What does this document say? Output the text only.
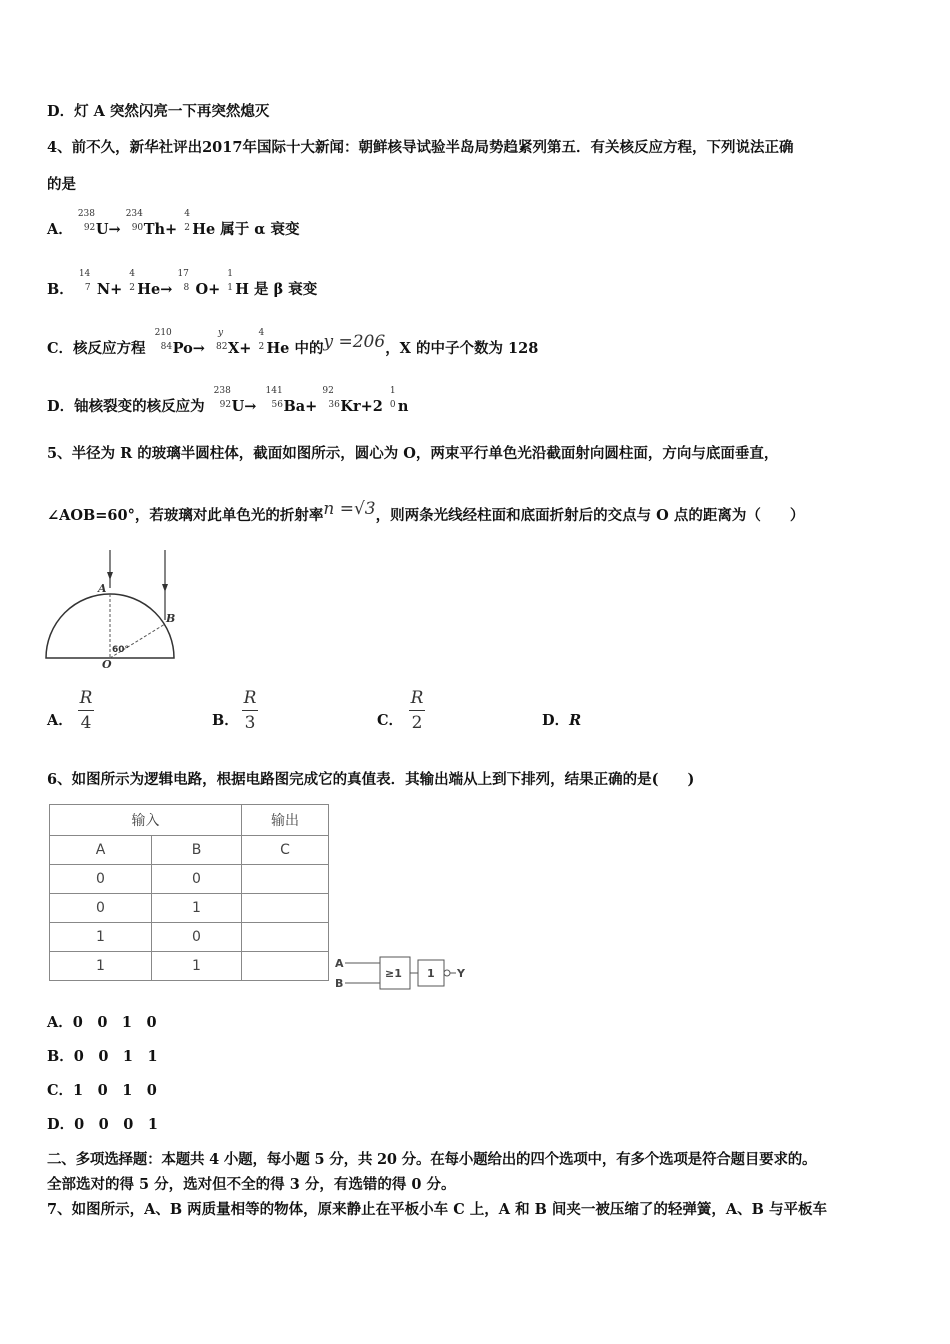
D．灯 A 突然闪亮一下再突然熄灭
4、前不久，新华社评出2017年国际十大新闻：朝鲜核导试验半岛局势趋紧列第五．有关核反应方程，下列说法正确
的是
A．
238
92 U→
234
90 Th+
4
2 He 属于 α 衰变
B．
14
7 N+
4
2 He→
17
8 O+
1
1 H 是 β 衰变
C．核反应方程
210
84 Po→
y
82 X+
4
2 He 中的y =206，X 的中子个数为 128
D．铀核裂变的核反应为
238
92 U→
141
56 Ba+
92
36 Kr+2
1
0 n
5、半径为 R 的玻璃半圆柱体，截面如图所示，圆心为 O，两束平行单色光沿截面射向圆柱面，方向与底面垂直，
∠AOB=60°，若玻璃对此单色光的折射率n =√3，则两条光线经柱面和底面折射后的交点与 O 点的距离为（　　）
A
B
O
60°
A．
R
4	B．
R
3	C．
R
2	D．R
6、如图所示为逻辑电路，根据电路图完成它的真值表．其输出端从上到下排列，结果正确的是(　　)
输入		输出
A	B	C
0	0	
0	1	
1	0	
1	1		A
B
≥1 1 Y
A．0　0　1　0
B．0　0　1　1
C．1　0　1　0
D．0　0　0　1
二、多项选择题：本题共 4 小题，每小题 5 分，共 20 分。在每小题给出的四个选项中，有多个选项是符合题目要求的。
全部选对的得 5 分，选对但不全的得 3 分，有选错的得 0 分。
7、如图所示，A、B 两质量相等的物体，原来静止在平板小车 C 上，A 和 B 间夹一被压缩了的轻弹簧，A、B 与平板车
